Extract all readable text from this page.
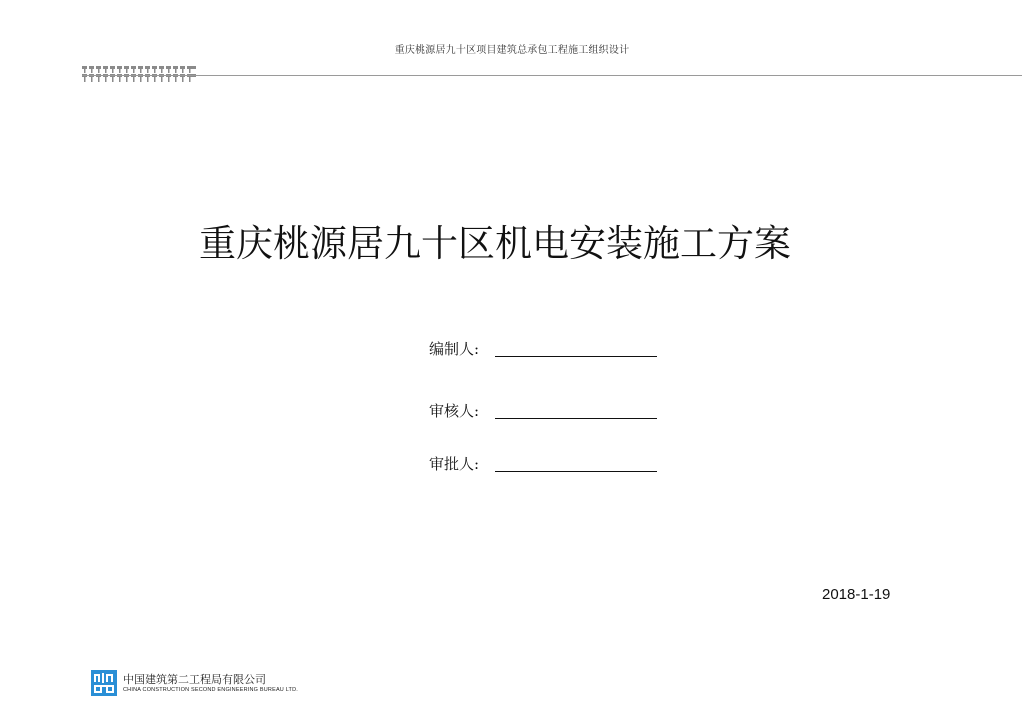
重庆桃源居九十区项目建筑总承包工程施工组织设计
重庆桃源居九十区机电安装施工方案
编制人:
审核人:
审批人:
2018-1-19
中国建筑第二工程局有限公司
CHINA CONSTRUCTION SECOND ENGINEERING BUREAU LTD.
